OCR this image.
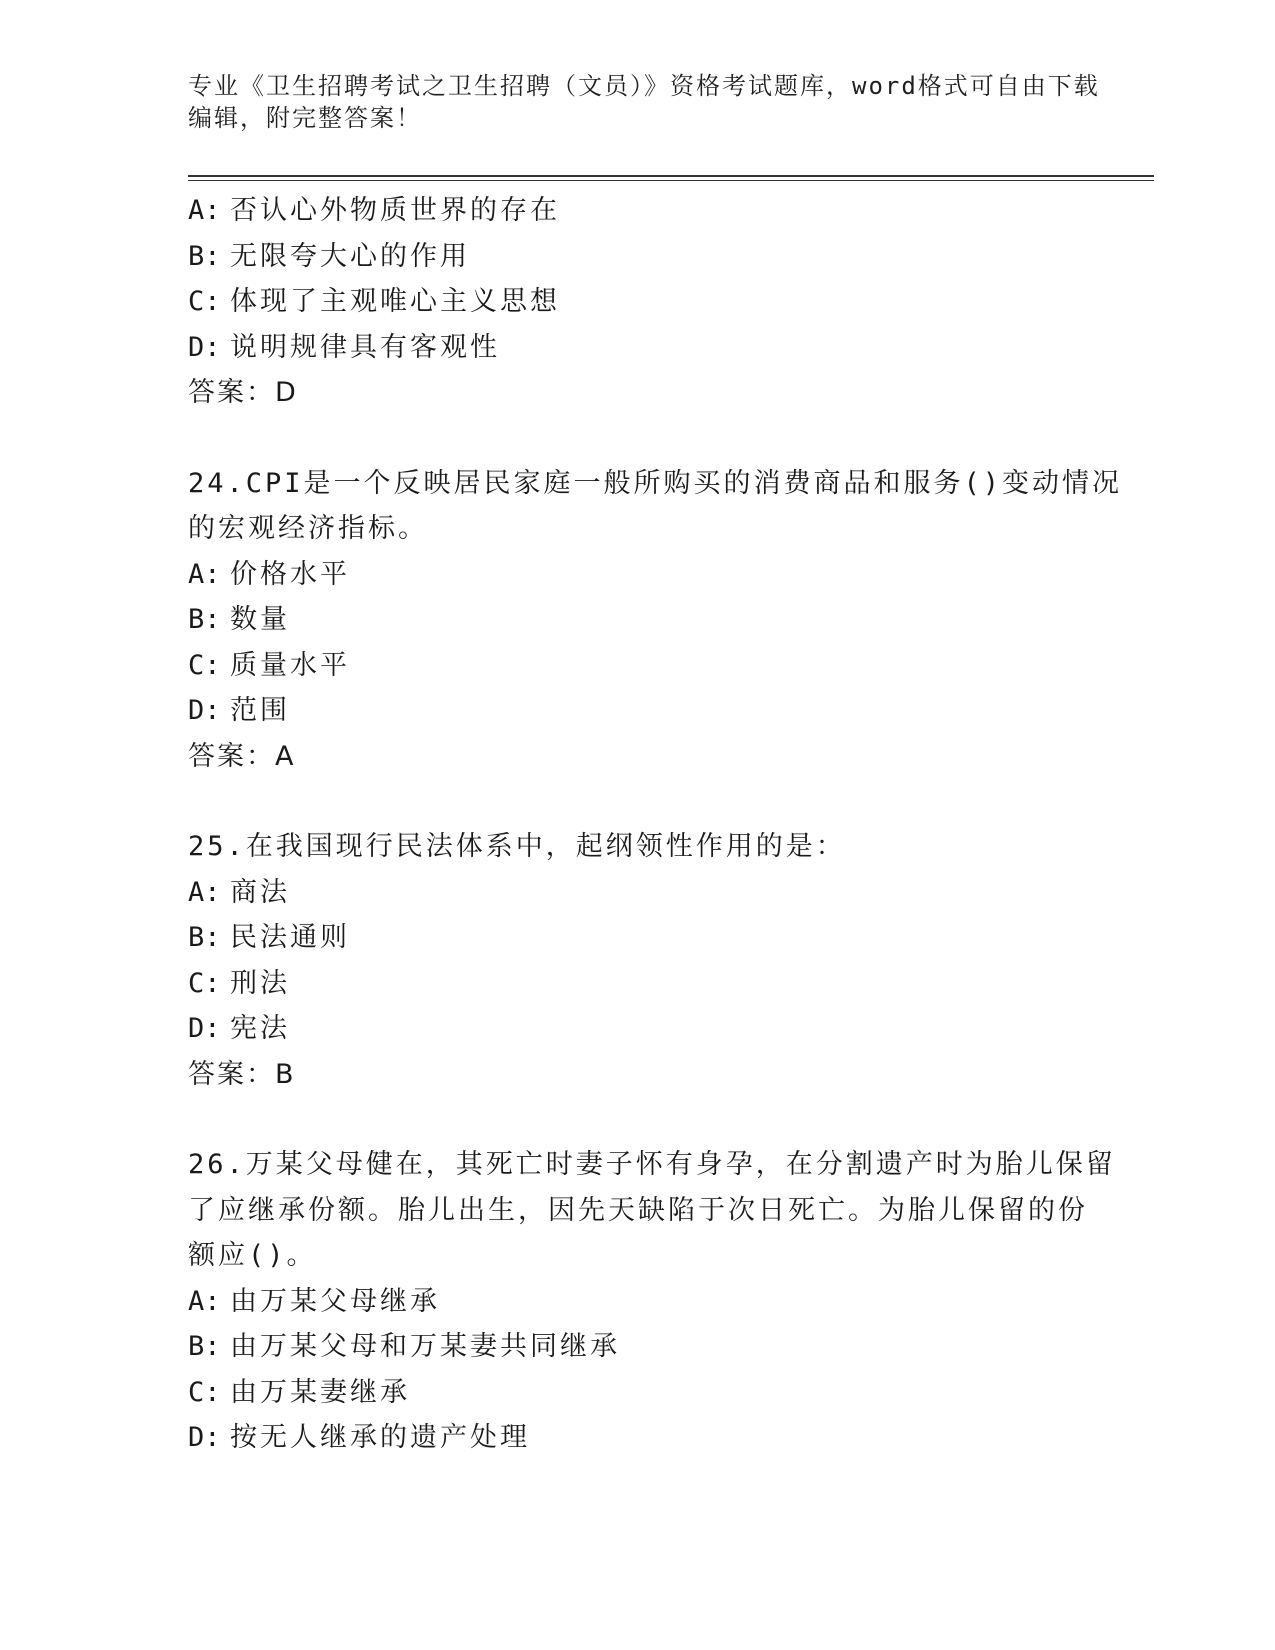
专业《卫生招聘考试之卫生招聘（文员）》资格考试题库，word格式可自由下载
编辑，附完整答案！
A: 否认心外物质世界的存在
B: 无限夸大心的作用
C: 体现了主观唯心主义思想
D: 说明规律具有客观性
答案：D
24.CPI是一个反映居民家庭一般所购买的消费商品和服务()变动情况
的宏观经济指标。
A: 价格水平
B: 数量
C: 质量水平
D: 范围
答案：A
25.在我国现行民法体系中，起纲领性作用的是：
A: 商法
B: 民法通则
C: 刑法
D: 宪法
答案：B
26.万某父母健在，其死亡时妻子怀有身孕，在分割遗产时为胎儿保留
了应继承份额。胎儿出生，因先天缺陷于次日死亡。为胎儿保留的份
额应()。
A: 由万某父母继承
B: 由万某父母和万某妻共同继承
C: 由万某妻继承
D: 按无人继承的遗产处理
